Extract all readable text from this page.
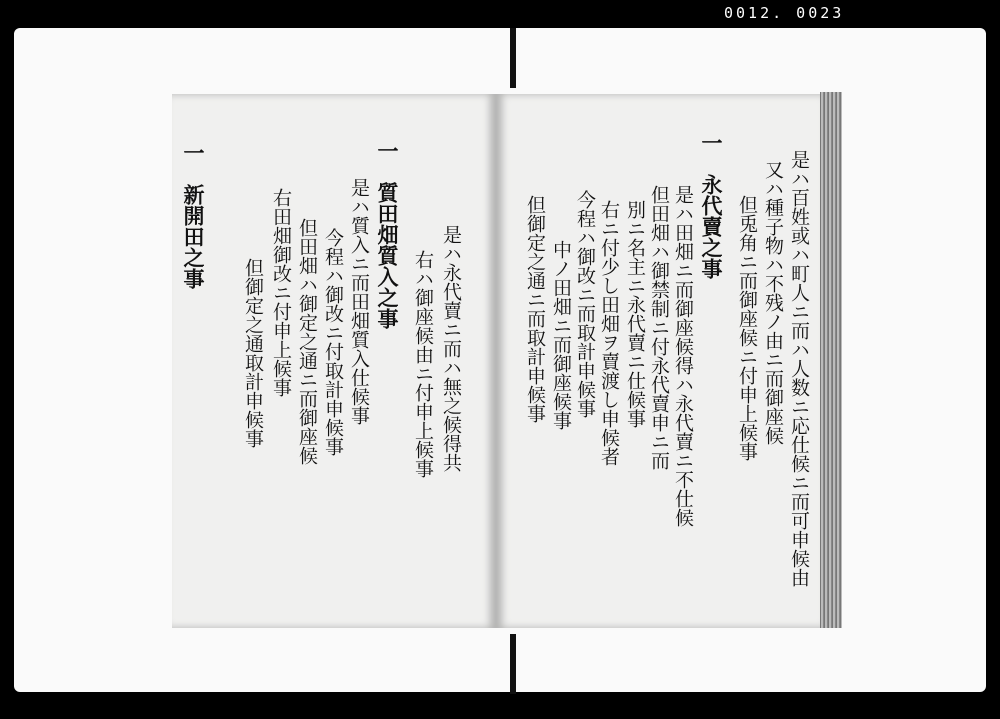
0012. 0023
是ハ百姓或ハ町人ニ而ハ人数ニ応仕候ニ而可申候由
又ハ種子物ハ不残ノ由ニ而御座候
但兎角ニ而御座候ニ付申上候事
一　永代賣之事
是ハ田畑ニ而御座候得ハ永代賣ニ不仕候
但田畑ハ御禁制ニ付永代賣申ニ而
別ニ名主ニ永代賣ニ仕候事
右ニ付少し田畑ヲ賣渡し申候者
今程ハ御改ニ而取計申候事
中ノ田畑ニ而御座候事
但御定之通ニ而取計申候事
是ハ永代賣ニ而ハ無之候得共
右ハ御座候由ニ付申上候事
一　質田畑質入之事
是ハ質入ニ而田畑質入仕候事
今程ハ御改ニ付取計申候事
但田畑ハ御定之通ニ而御座候
右田畑御改ニ付申上候事
但御定之通取計申候事
一　新開田之事
